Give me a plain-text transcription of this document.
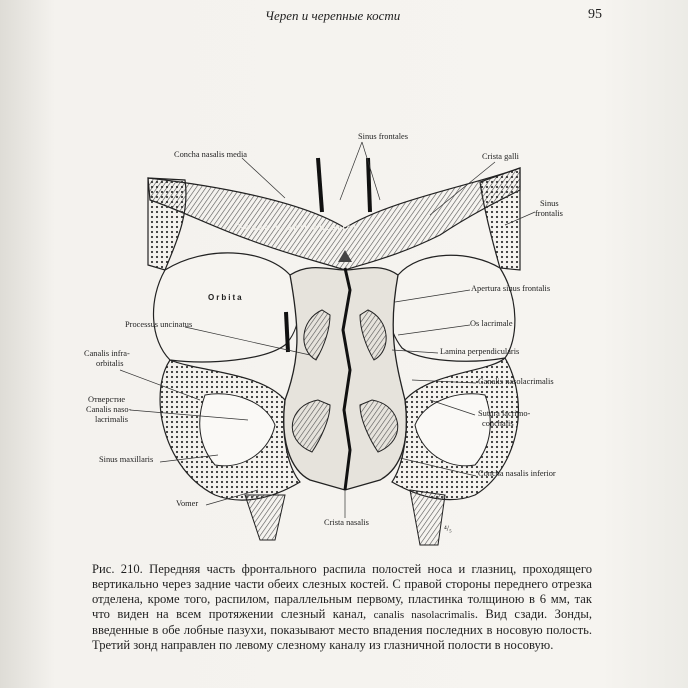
Череп и черепные кости	95
Sinus frontales
Concha nasalis media	Crista galli
Sinus
frontalis
Fossa cranii anterior
Orbita
Apertura sinus frontalis
Processus uncinatus	Os lacrimale
Canalis infra-
orbitalis
Lamina perpendicularis
Canalis nasolacrimalis
Отверстие
Canalis naso-
lacrimalis
Sutura lacrimo-
conchalis
Sinus maxillaris
Concha nasalis inferior
Vomer
Crista nasalis
⁴/₅

Рис. 210. Передняя часть фронтального распила полостей носа и глазниц, проходящего вертикально через задние части обеих слезных костей. С правой стороны переднего отрезка отделена, кроме того, распилом, параллельным первому, пластинка толщиною в 6 мм, так что виден на всем протяжении слезный канал, canalis nasolacrimalis. Вид сзади. Зонды, введенные в обе лобные пазухи, показывают место впадения последних в носовую полость. Третий зонд направлен по левому слезному каналу из глазничной полости в носовую.
